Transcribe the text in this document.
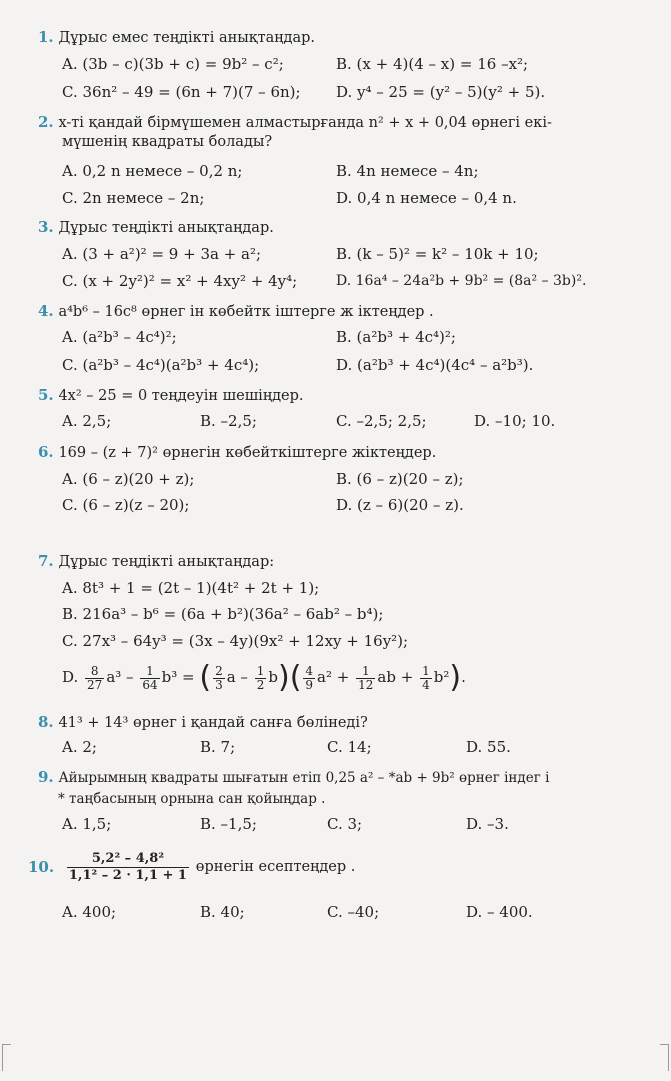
1. Дұрыс емес теңдікті анықтаңдар.
A. (3b – c)(3b + c) = 9b² – c²;	B. (x + 4)(4 – x) = 16 –x²;
C. 36n² – 49 = (6n + 7)(7 – 6n); D. y⁴ – 25 = (y² – 5)(y² + 5).
2. x-ті қандай бірмүшемен алмастырғанда n² + x + 0,04 өрнегі екі-
мүшенің квадраты болады?
A. 0,2 n немесе – 0,2 n;	B. 4n немесе – 4n;
C. 2n немесе – 2n;	D. 0,4 n немесе – 0,4 n.
3. Дұрыс теңдікті анықтаңдар.
A. (3 + a²)² = 9 + 3a + a²;	B. (k – 5)² = k² – 10k + 10;
C. (x + 2y²)² = x² + 4xy² + 4y⁴;	D. 16a⁴ – 24a²b + 9b² = (8a² – 3b)².
4. a⁴b⁶ – 16c⁸ өрнег ін көбейтк іштерге ж іктеңдер .
A. (a²b³ – 4c⁴)²;	B. (a²b³ + 4c⁴)²;
C. (a²b³ – 4c⁴)(a²b³ + 4c⁴);	D. (a²b³ + 4c⁴)(4c⁴ – a²b³).
5. 4x² – 25 = 0 теңдеуін шешіңдер.
A. 2,5;	B. –2,5;	C. –2,5; 2,5;	D. –10; 10.
6. 169 – (z + 7)² өрнегін көбейткіштерге жіктеңдер.
A. (6 – z)(20 + z);	B. (6 – z)(20 – z);
C. (6 – z)(z – 20);	D. (z – 6)(20 – z).
7. Дұрыс теңдікті анықтаңдар:
A. 8t³ + 1 = (2t – 1)(4t² + 2t + 1);
B. 216a³ – b⁶ = (6a + b²)(36a² – 6ab² – b⁴);
C. 27x³ – 64y³ = (3x – 4y)(9x² + 12xy + 16y²);
D. $\frac{8}{27} a^3 - \frac{1}{64} b^3$ = ( $\frac{2}{3}$ $a - \frac{1}{2} b)( \frac{4}{9} a^2 + \frac{1}{12}$ ab + $\frac{1}{4} b^2$).
8. 41³ + 14³ өрнег і қандай санға бөлінеді?
A. 2;	B. 7;	C. 14;	D. 55.
9. Айырымның квадраты шығатын етіп 0,25 a² – *ab + 9b² өрнег індег і
* таңбасының орнына сан қойыңдар .
A. 1,5;	B. –1,5;	C. 3;	D. –3.
10. $\frac{\text{5,2² – 4,8²}}{\text{1,1² – 2 · 1,1 + 1}}$ өрнегін есептеңдер .
A. 400;	B. 40;	C. –40;	D. – 400.
